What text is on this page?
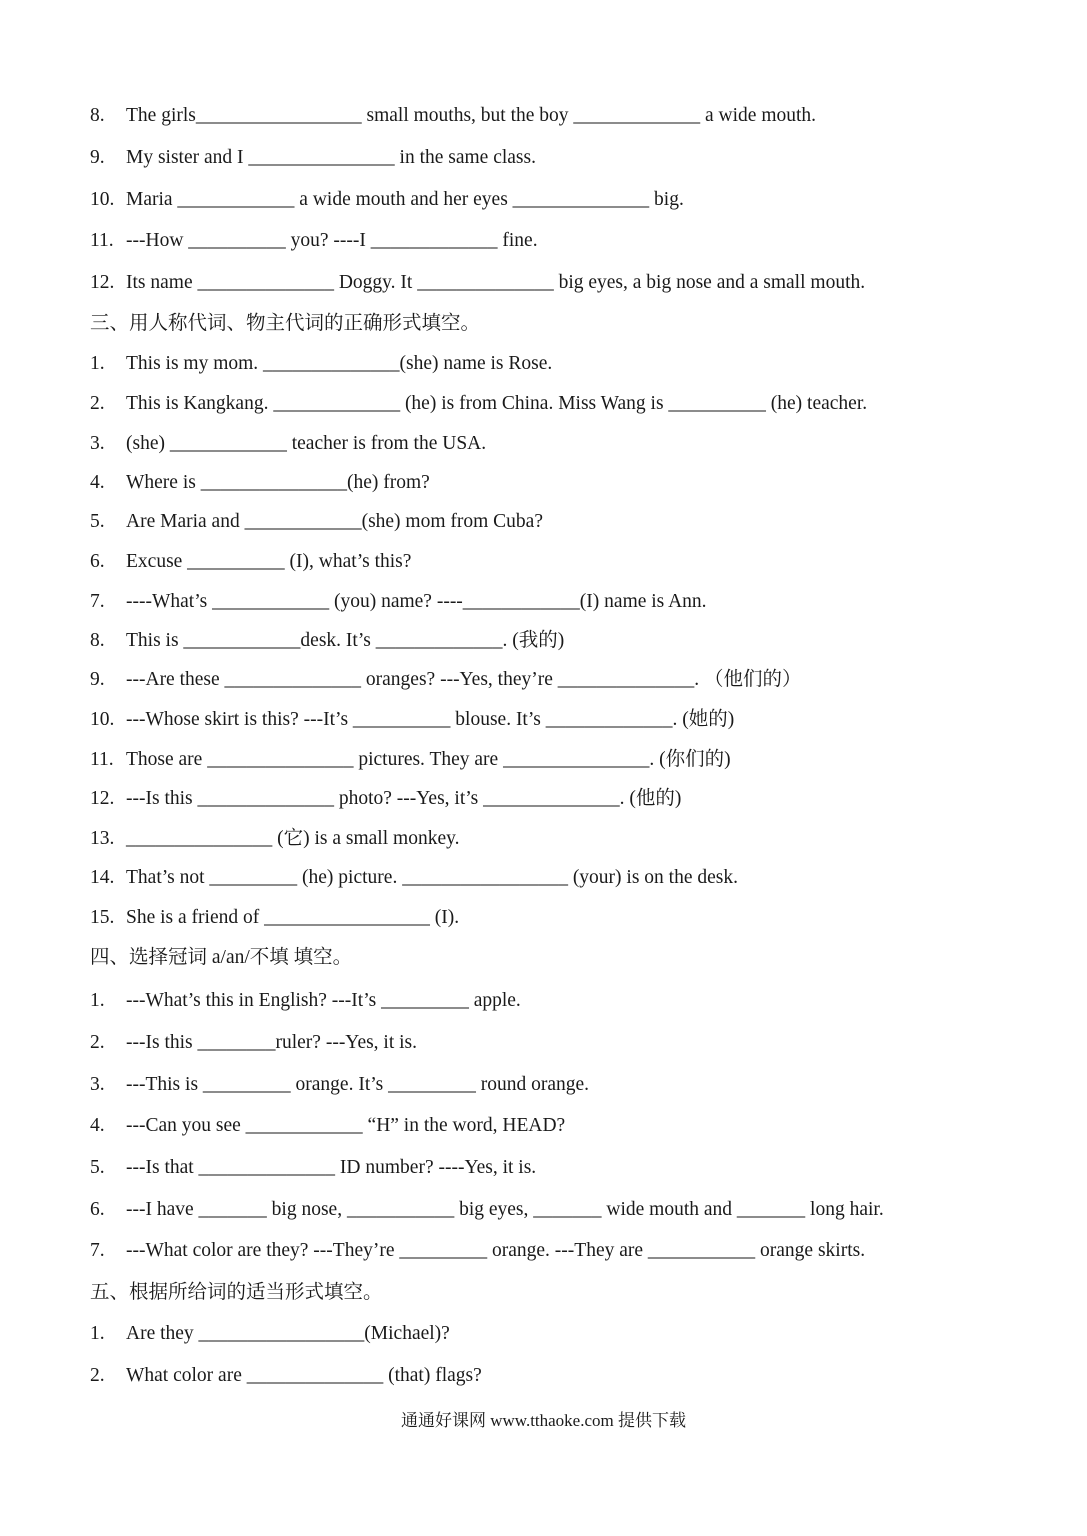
8. The girls_________________ small mouths, but the boy _____________ a wide mouth.
9. My sister and I _______________ in the same class.
10. Maria ____________ a wide mouth and her eyes ______________ big.
11. ---How __________ you? ----I _____________ fine.
12. Its name ______________ Doggy. It ______________ big eyes, a big nose and a small mouth.
三、用人称代词、物主代词的正确形式填空。
1. This is my mom. ______________(she) name is Rose.
2. This is Kangkang. _____________ (he) is from China. Miss Wang is __________ (he) teacher.
3. (she) ____________ teacher is from the USA.
4. Where is _______________(he) from?
5. Are Maria and ____________(she) mom from Cuba?
6. Excuse __________ (I), what’s this?
7. ----What’s ____________ (you) name? ----____________(I) name is Ann.
8. This is ____________desk. It’s _____________. (我的)
9. ---Are these ______________ oranges? ---Yes, they’re ______________. （他们的）
10. ---Whose skirt is this? ---It’s __________ blouse. It’s _____________. (她的)
11. Those are _______________ pictures. They are _______________. (你们的)
12. ---Is this ______________ photo? ---Yes, it’s ______________. (他的)
13. _______________ (它) is a small monkey.
14. That’s not _________ (he) picture. _________________ (your) is on the desk.
15. She is a friend of _________________ (I).
四、选择冠词 a/an/不填 填空。
1. ---What’s this in English? ---It’s _________ apple.
2. ---Is this ________ruler? ---Yes, it is.
3. ---This is _________ orange. It’s _________ round orange.
4. ---Can you see ____________ “H” in the word, HEAD?
5. ---Is that ______________ ID number? ----Yes, it is.
6. ---I have _______ big nose, ___________ big eyes, _______ wide mouth and _______ long hair.
7. ---What color are they? ---They’re _________ orange. ---They are ___________ orange skirts.
五、根据所给词的适当形式填空。
1. Are they _________________(Michael)?
2. What color are ______________ (that) flags?
通通好课网 www.tthaoke.com 提供下载
